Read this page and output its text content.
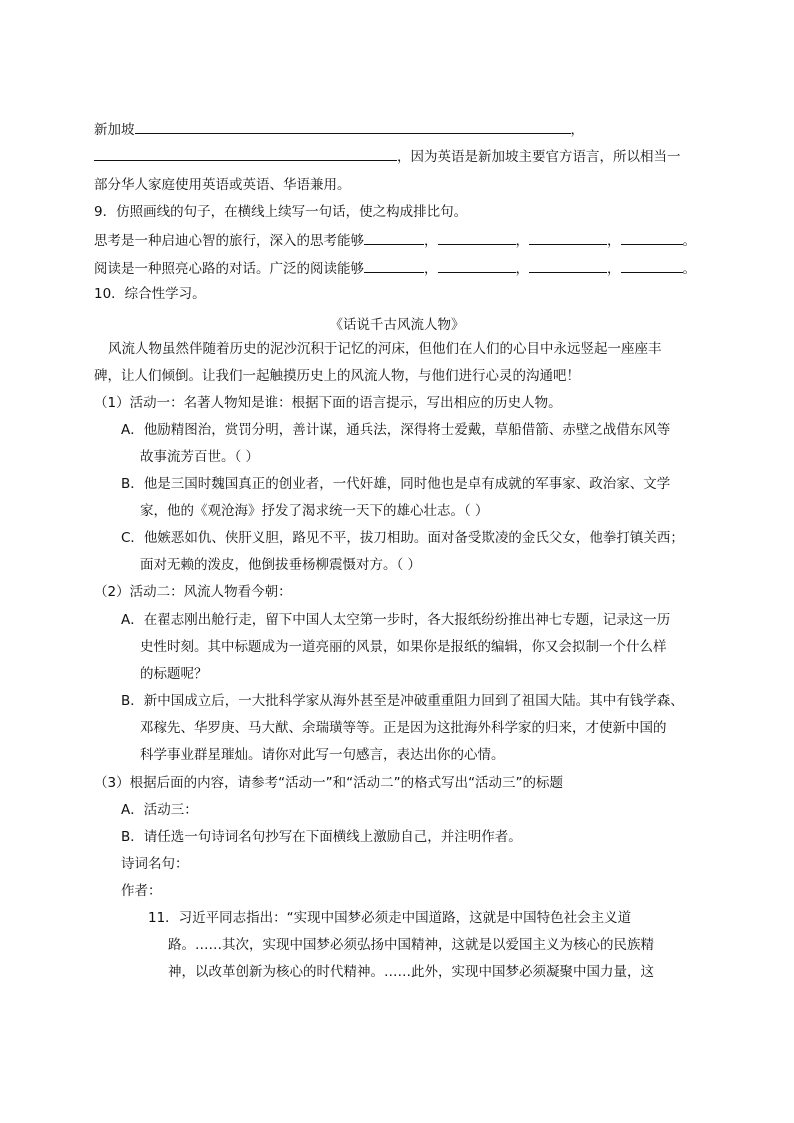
新加坡	，
，因为英语是新加坡主要官方语言，所以相当一
部分华人家庭使用英语或英语、华语兼用。
9．仿照画线的句子，在横线上续写一句话，使之构成排比句。
思考是一种启迪心智的旅行，深入的思考能够	，	，	，	。
阅读是一种照亮心路的对话。广泛的阅读能够	，	，	，	。
10．综合性学习。
《话说千古风流人物》
风流人物虽然伴随着历史的泥沙沉积于记忆的河床，但他们在人们的心目中永远竖起一座座丰
碑，让人们倾倒。让我们一起触摸历史上的风流人物，与他们进行心灵的沟通吧！
（1）活动一：名著人物知是谁：根据下面的语言提示，写出相应的历史人物。
A．他励精图治，赏罚分明，善计谋，通兵法，深得将士爱戴，草船借箭、赤壁之战借东风等
故事流芳百世。（ ）
B．他是三国时魏国真正的创业者，一代奸雄，同时他也是卓有成就的军事家、政治家、文学
家，他的《观沧海》抒发了渴求统一天下的雄心壮志。（ ）
C．他嫉恶如仇、侠肝义胆，路见不平，拔刀相助。面对备受欺凌的金氏父女，他拳打镇关西；
面对无赖的泼皮，他倒拔垂杨柳震慑对方。（ ）
（2）活动二：风流人物看今朝：
A．在翟志刚出舱行走，留下中国人太空第一步时，各大报纸纷纷推出神七专题，记录这一历
史性时刻。其中标题成为一道亮丽的风景，如果你是报纸的编辑，你又会拟制一个什么样
的标题呢？
B．新中国成立后，一大批科学家从海外甚至是冲破重重阻力回到了祖国大陆。其中有钱学森、
邓稼先、华罗庚、马大猷、余瑞璜等等。正是因为这批海外科学家的归来，才使新中国的
科学事业群星璀灿。请你对此写一句感言，表达出你的心情。
（3）根据后面的内容，请参考“活动一”和“活动二”的格式写出“活动三”的标题
A．活动三：
B．请任选一句诗词名句抄写在下面横线上激励自己，并注明作者。
诗词名句：
作者：
11．习近平同志指出：“实现中国梦必须走中国道路，这就是中国特色社会主义道
路。……其次，实现中国梦必须弘扬中国精神，这就是以爱国主义为核心的民族精
神，以改革创新为核心的时代精神。……此外，实现中国梦必须凝聚中国力量，这
